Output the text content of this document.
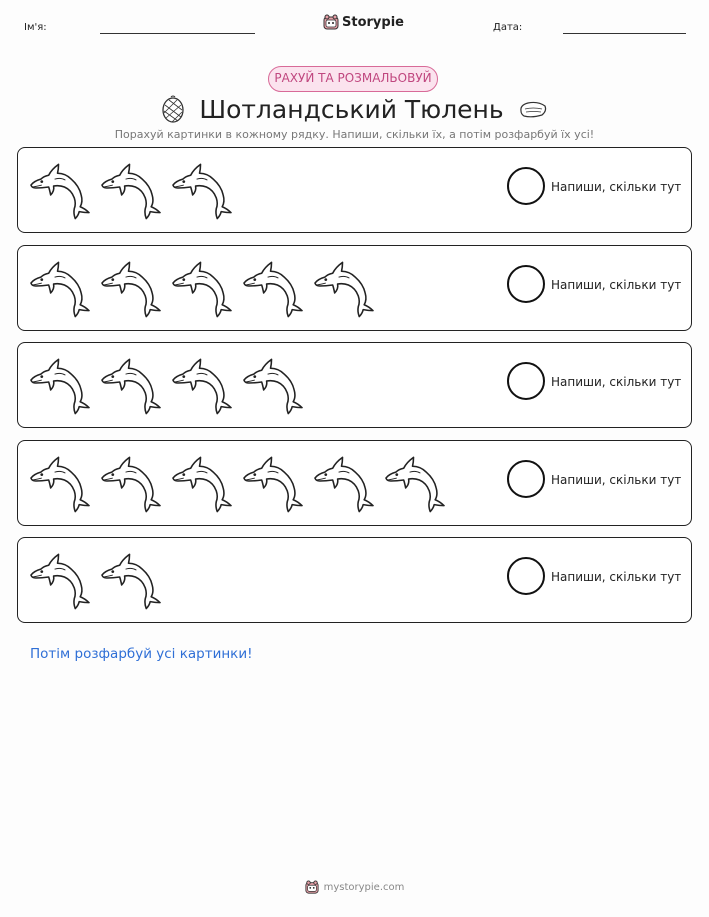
Ім'я:	Storypie	Дата:
РАХУЙ ТА РОЗМАЛЬОВУЙ
Шотландський Тюлень
Порахуй картинки в кожному рядку. Напиши, скільки їх, а потім розфарбуй їх усі!
Напиши, скільки тут
Напиши, скільки тут
Напиши, скільки тут
Напиши, скільки тут
Напиши, скільки тут
Потім розфарбуй усі картинки!
mystorypie.com
